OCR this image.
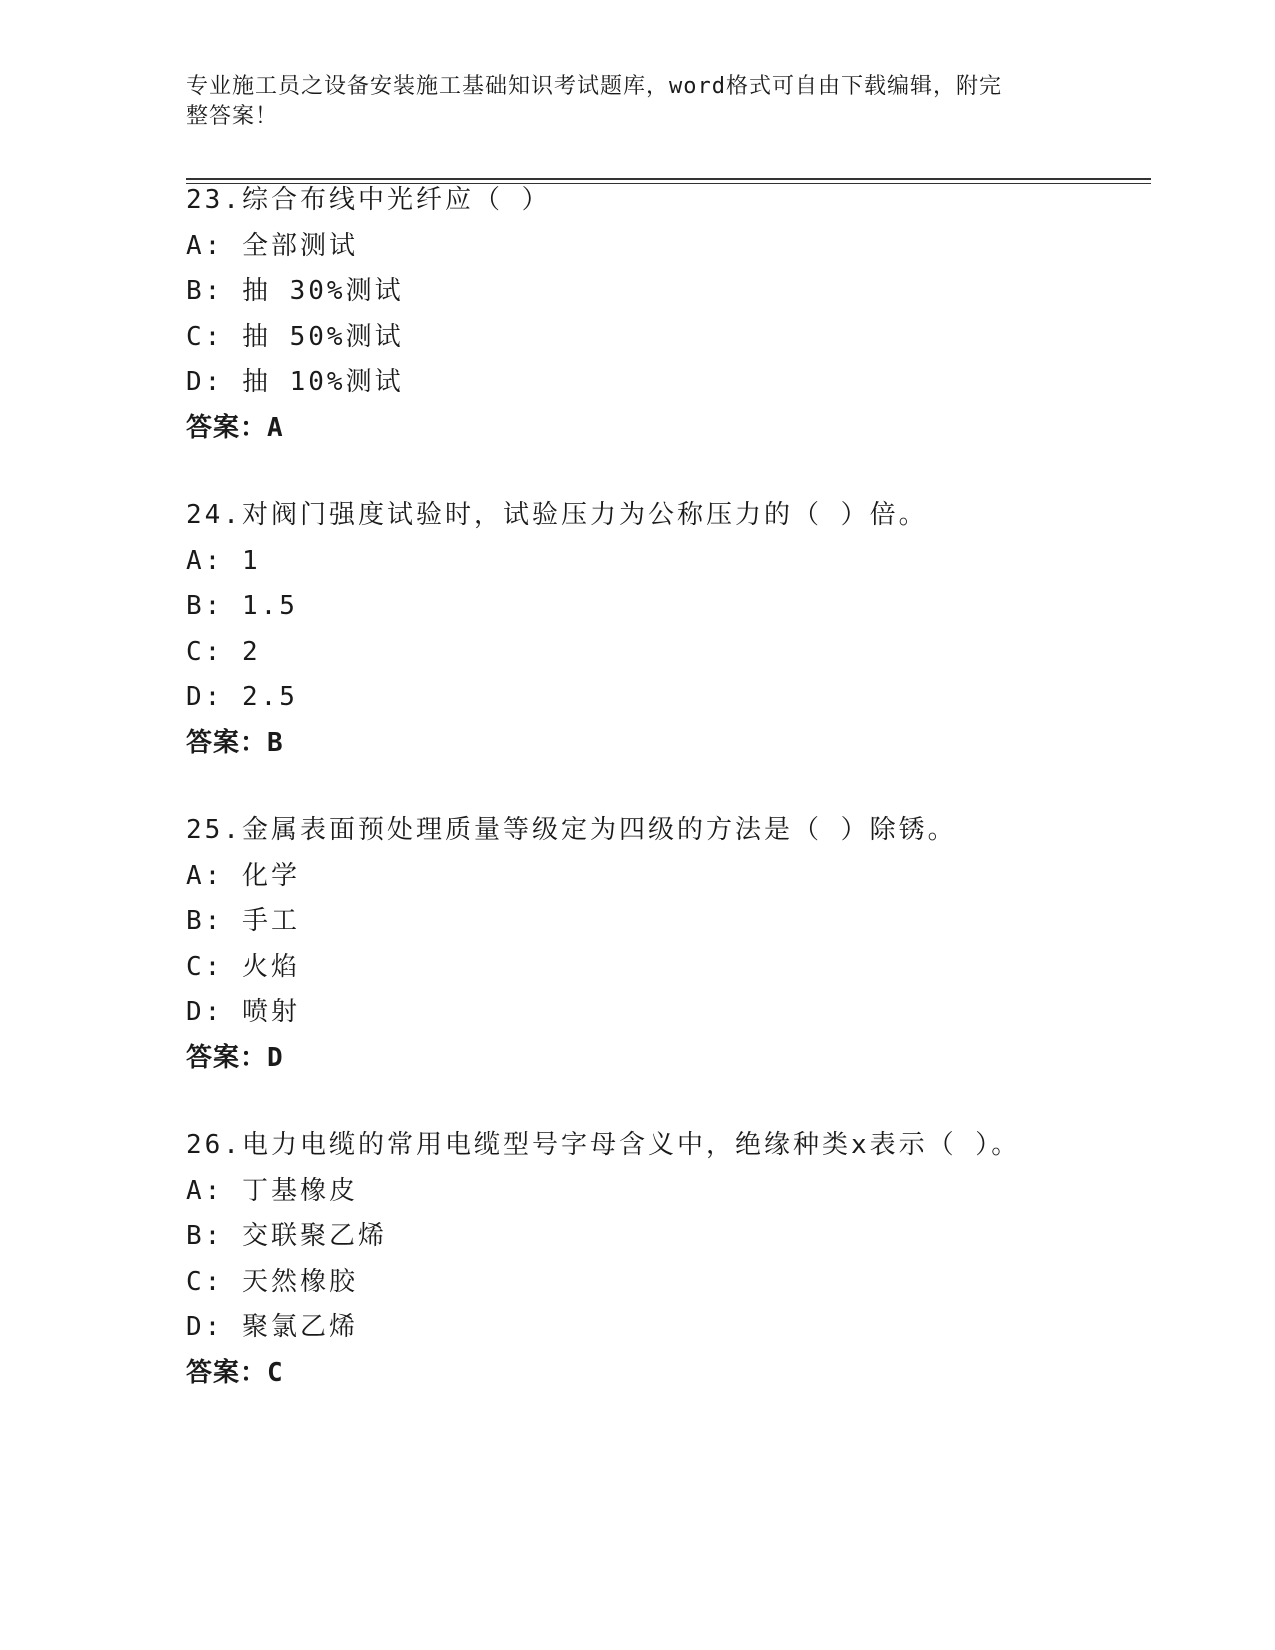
专业施工员之设备安装施工基础知识考试题库，word格式可自由下载编辑，附完
整答案！
23.综合布线中光纤应（ ）
A: 全部测试
B: 抽 30%测试
C: 抽 50%测试
D: 抽 10%测试
答案：A
24.对阀门强度试验时，试验压力为公称压力的（ ）倍。
A: 1
B: 1.5
C: 2
D: 2.5
答案：B
25.金属表面预处理质量等级定为四级的方法是（ ）除锈。
A: 化学
B: 手工
C: 火焰
D: 喷射
答案：D
26.电力电缆的常用电缆型号字母含义中，绝缘种类x表示（ ）。
A: 丁基橡皮
B: 交联聚乙烯
C: 天然橡胶
D: 聚氯乙烯
答案：C
